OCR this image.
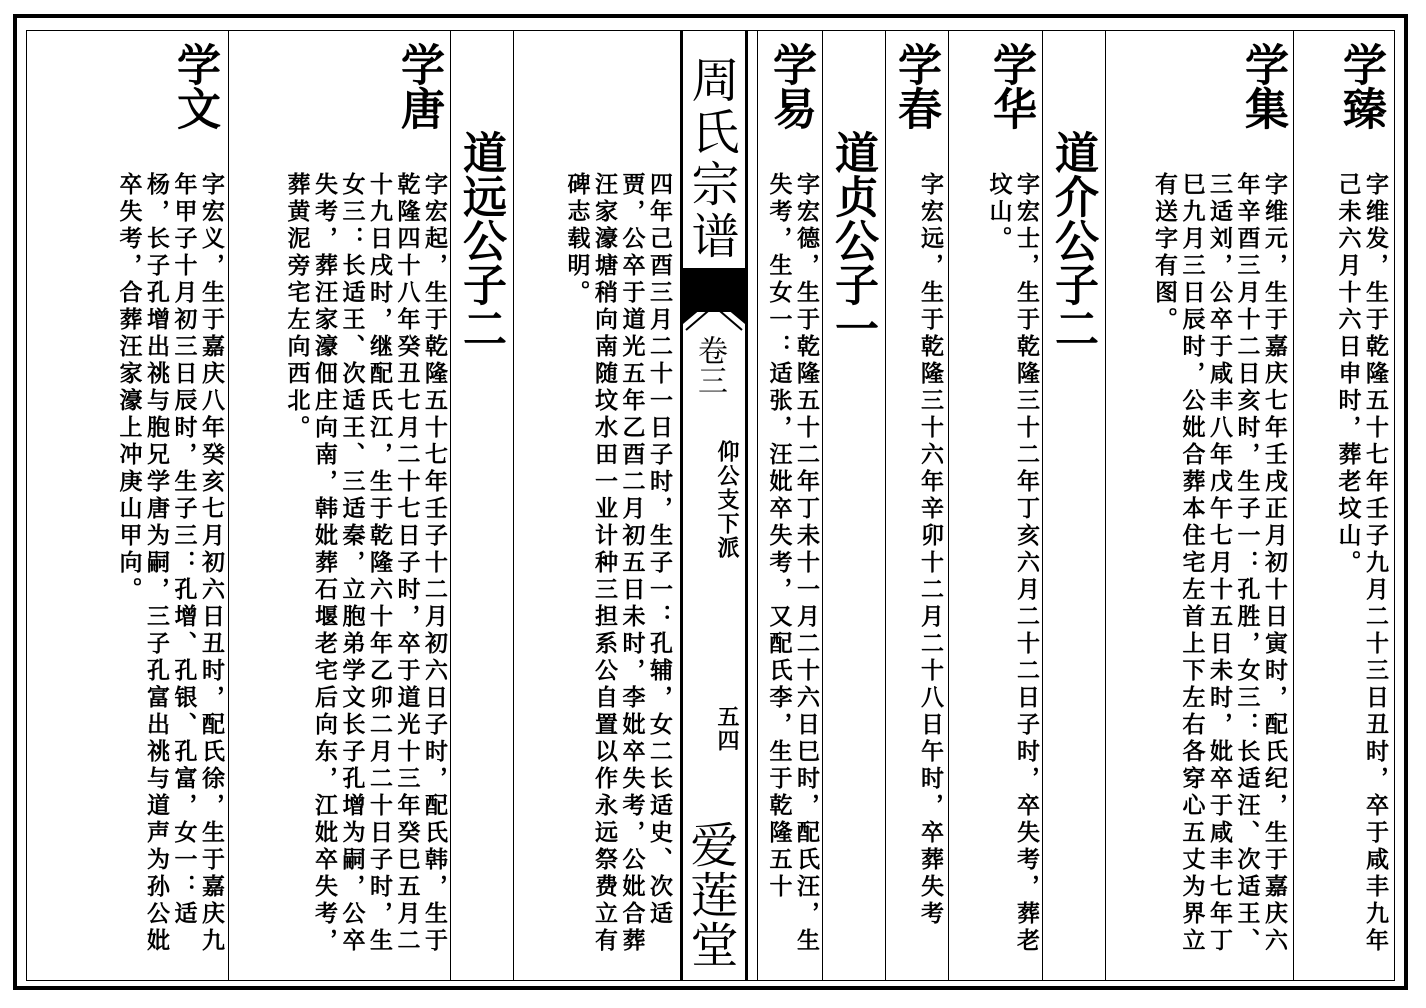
周氏宗谱
卷三
仰公支下派
五四
爱莲堂
学臻
字维发，生于乾隆五十七年壬子九月二十三日丑时，卒于咸丰九年己未六月十六日申时，葬老坟山。
学集
字维元，生于嘉庆七年壬戌正月初十日寅时，配氏纪，生于嘉庆六年辛酉三月十二日亥时，生子一：孔胜，女三：长适汪、次适王、三适刘，公卒于咸丰八年戊午七月十五日未时，妣卒于咸丰七年丁巳九月三日辰时，公妣合葬本住宅左首上下左右各穿心五丈为界立有送字有图。
道介公子二
学华
字宏士，生于乾隆三十二年丁亥六月二十二日子时，卒失考，葬老坟山。
学春
字宏远，生于乾隆三十六年辛卯十二月二十八日午时，卒葬失考
道贞公子一
学易
字宏德，生于乾隆五十二年丁未十一月二十六日巳时，配氏汪，生失考，生女一：适张，汪妣卒失考，又配氏李，生于乾隆五十
四年己酉三月二十一日子时，生子一：孔辅，女二长适史、次适贾，公卒于道光五年乙酉二月初五日未时，李妣卒失考，公妣合葬汪家濠塘稍向南随坟水田一业计种三担系公自置以作永远祭费立有碑志载明。
道远公子二
学唐
字宏起，生于乾隆五十七年壬子十二月初六日子时，配氏韩，生于乾隆四十八年癸丑七月二十七日子时，卒于道光十三年癸巳五月二十九日戌时，继配氏江，生于乾隆六十年乙卯二月二十日子时，生女三：长适王、次适王、三适秦，立胞弟学文长子孔增为嗣，公卒失考，葬汪家濠佃庄向南，韩妣葬石堰老宅后向东，江妣卒失考，葬黄泥旁宅左向西北。
学文
字宏义，生于嘉庆八年癸亥七月初六日丑时，配氏徐，生于嘉庆九年甲子十月初三日辰时，生子三：孔增、孔银、孔富，女一：适杨，长子孔增出祧与胞兄学唐为嗣，三子孔富出祧与道声为孙公妣卒失考，合葬汪家濠上冲庚山甲向。
